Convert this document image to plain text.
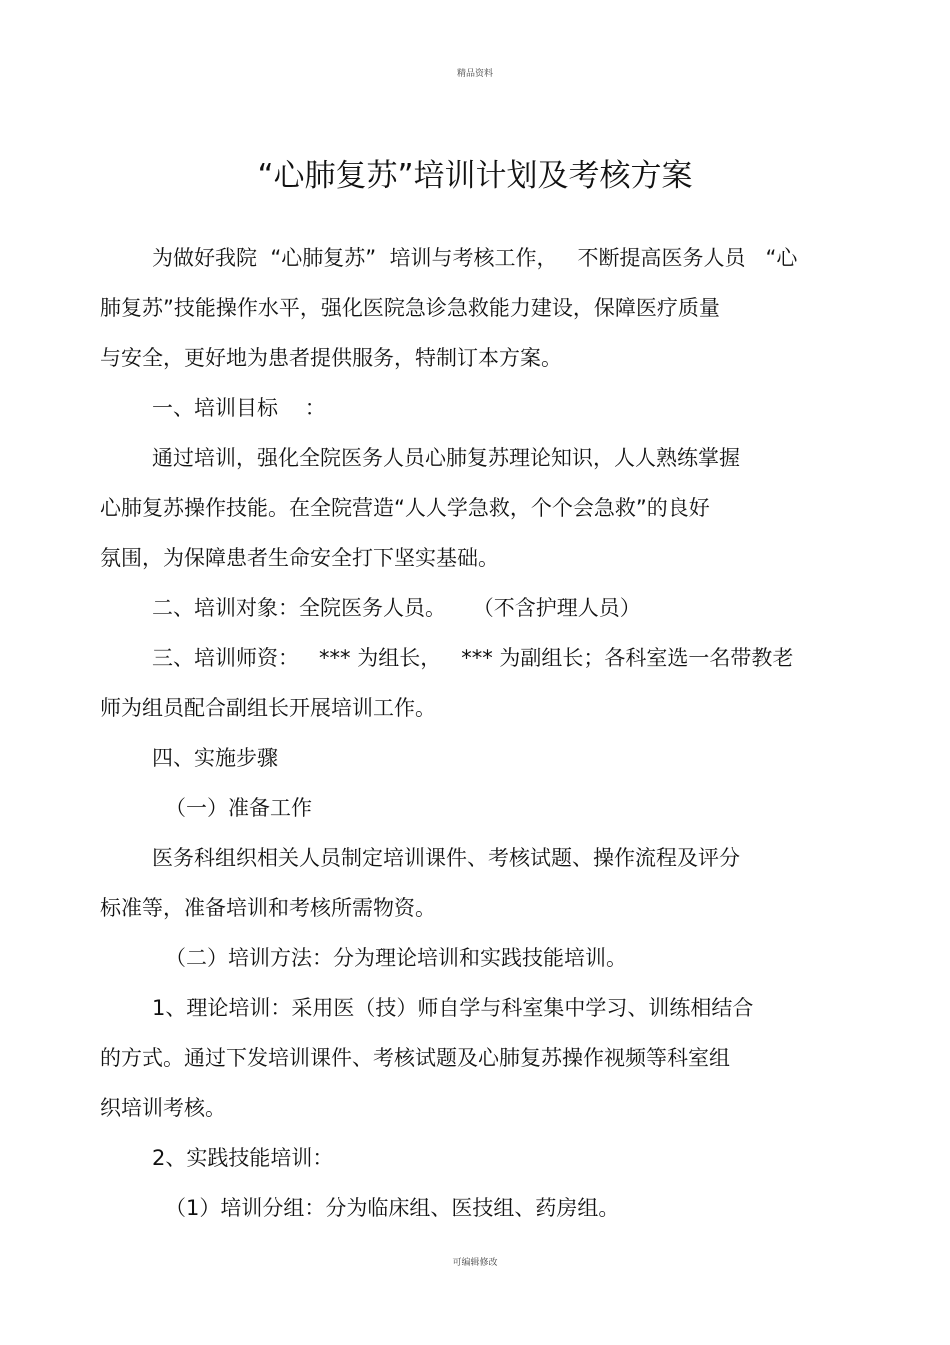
精品资料
“心肺复苏”培训计划及考核方案
为做好我院  “心肺复苏”  培训与考核工作，   不断提高医务人员   “心
肺复苏”技能操作水平，强化医院急诊急救能力建设，保障医疗质量
与安全，更好地为患者提供服务，特制订本方案。
一、培训目标    ：
通过培训，强化全院医务人员心肺复苏理论知识，人人熟练掌握
心肺复苏操作技能。在全院营造“人人学急救，个个会急救”的良好
氛围，为保障患者生命安全打下坚实基础。
二、培训对象：全院医务人员。    （不含护理人员）
三、培训师资：   *** 为组长，   *** 为副组长；各科室选一名带教老
师为组员配合副组长开展培训工作。
四、实施步骤
（一）准备工作
医务科组织相关人员制定培训课件、考核试题、操作流程及评分
标准等，准备培训和考核所需物资。
（二）培训方法：分为理论培训和实践技能培训。
1、理论培训：采用医（技）师自学与科室集中学习、训练相结合
的方式。通过下发培训课件、考核试题及心肺复苏操作视频等科室组
织培训考核。
2、实践技能培训：
（1）培训分组：分为临床组、医技组、药房组。
可编辑修改
